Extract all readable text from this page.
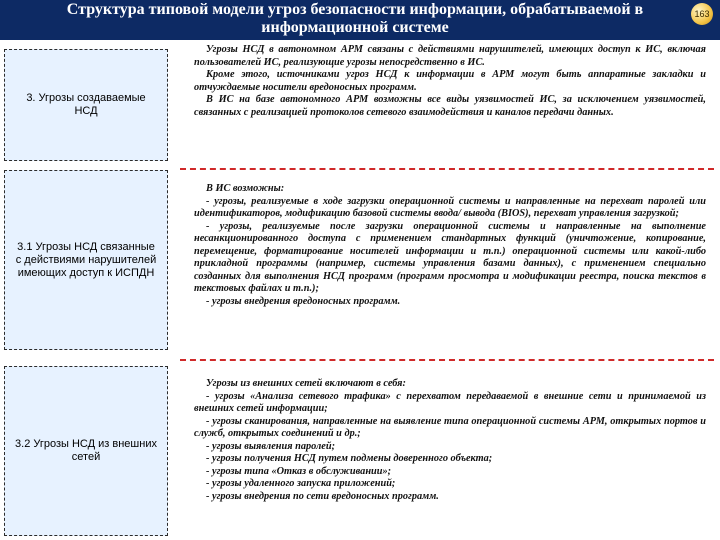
Структура типовой модели угроз безопасности информации, обрабатываемой в информационной системе
163
3. Угрозы создаваемые НСД

Угрозы НСД в автономном АРМ связаны с действиями нарушителей, имеющих доступ к ИС, включая пользователей ИС, реализующие угрозы непосредственно в ИС.

Кроме этого, источниками угроз НСД к информации в АРМ могут быть аппаратные закладки и отчуждаемые носители вредоносных программ.

В ИС на базе автономного АРМ возможны все виды уязвимостей ИС, за исключением уязвимостей, связанных с реализацией протоколов сетевого взаимодействия и каналов передачи данных.

3.1 Угрозы НСД связанные с действиями нарушителей имеющих доступ к ИСПДН

В ИС возможны:

- угрозы, реализуемые в ходе загрузки операционной системы и направленные на перехват паролей или идентификаторов, модификацию базовой системы ввода/ вывода (BIOS), перехват управления загрузкой;

- угрозы, реализуемые после загрузки операционной системы и направленные на выполнение несанкционированного доступа с применением стандартных функций (уничтожение, копирование, перемещение, форматирование носителей информации и т.п.) операционной системы или какой-либо прикладной программы (например, системы управления базами данных), с применением специально созданных для выполнения НСД программ (программ просмотра и модификации реестра, поиска текстов в текстовых файлах и т.п.);

- угрозы внедрения вредоносных программ.

3.2 Угрозы НСД из внешних сетей

Угрозы из внешних сетей включают в себя:

- угрозы «Анализа сетевого трафика» с перехватом передаваемой в внешние сети и принимаемой из внешних сетей информации;

- угрозы сканирования, направленные на выявление типа операционной системы АРМ, открытых портов и служб, открытых соединений и др.;

- угрозы выявления паролей;

- угрозы получения НСД путем подмены доверенного объекта;

- угрозы типа «Отказ в обслуживании»;

- угрозы удаленного запуска приложений;

- угрозы внедрения по сети вредоносных программ.
